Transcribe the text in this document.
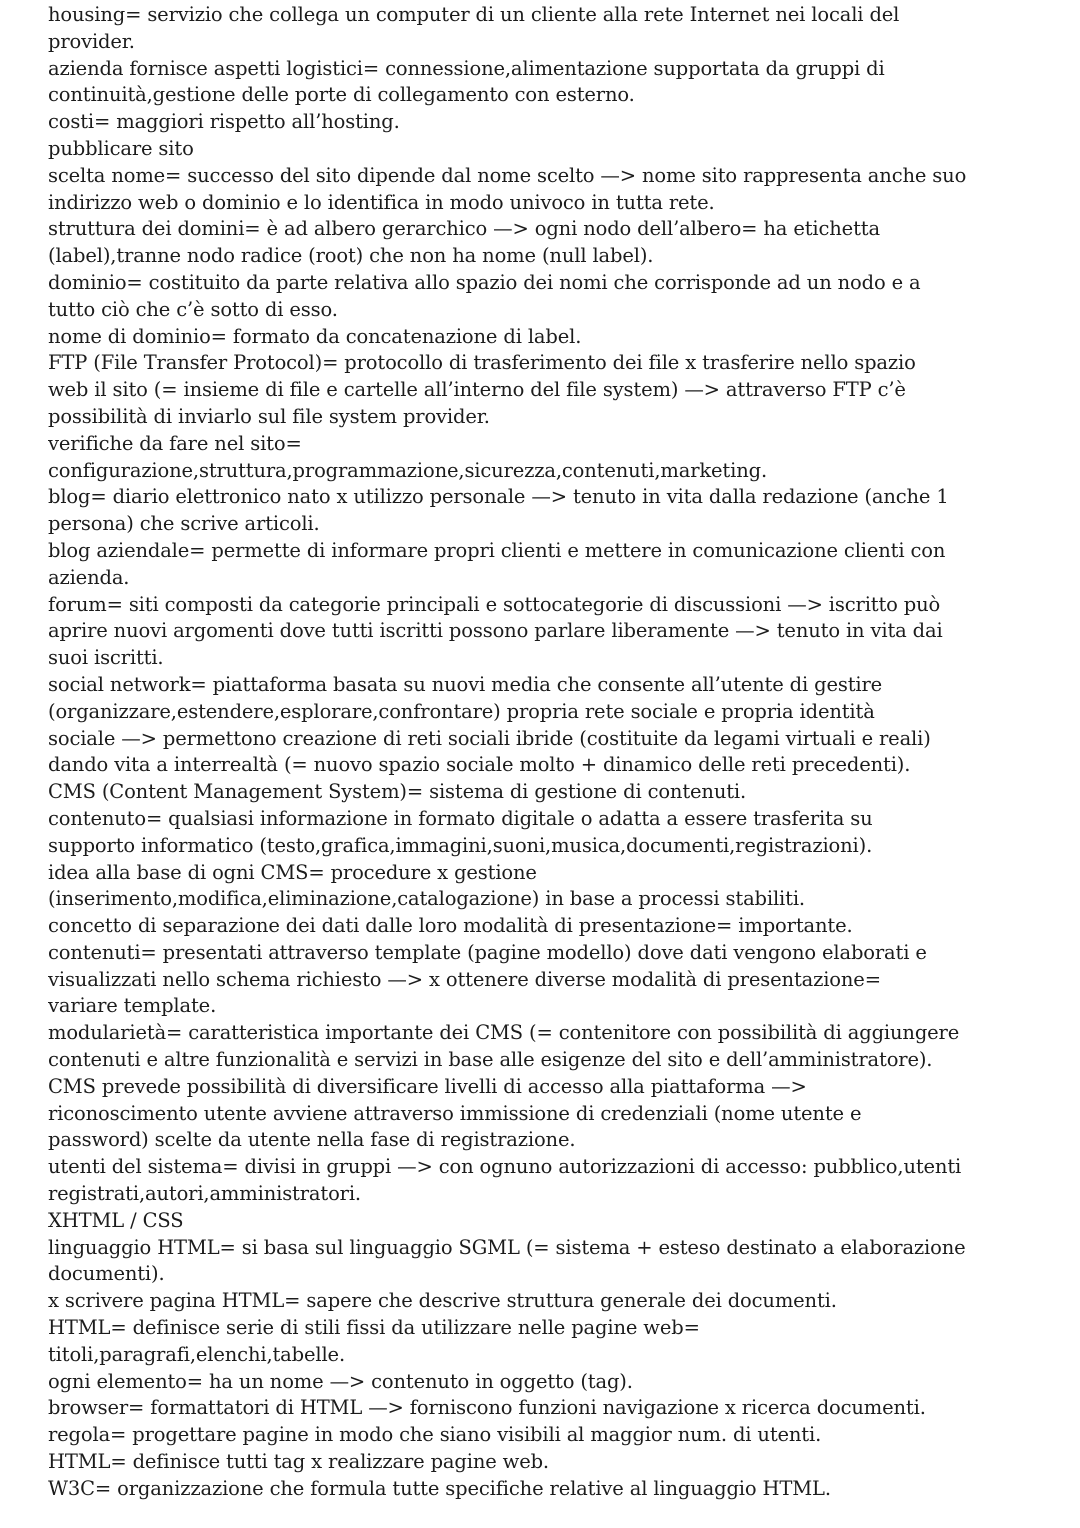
housing= servizio che collega un computer di un cliente alla rete Internet nei locali del
provider.
azienda fornisce aspetti logistici= connessione,alimentazione supportata da gruppi di
continuità,gestione delle porte di collegamento con esterno.
costi= maggiori rispetto all’hosting.
pubblicare sito
scelta nome= successo del sito dipende dal nome scelto —> nome sito rappresenta anche suo
indirizzo web o dominio e lo identifica in modo univoco in tutta rete.
struttura dei domini= è ad albero gerarchico —> ogni nodo dell’albero= ha etichetta
(label),tranne nodo radice (root) che non ha nome (null label).
dominio= costituito da parte relativa allo spazio dei nomi che corrisponde ad un nodo e a
tutto ciò che c’è sotto di esso.
nome di dominio= formato da concatenazione di label.
FTP (File Transfer Protocol)= protocollo di trasferimento dei file x trasferire nello spazio
web il sito (= insieme di file e cartelle all’interno del file system) —> attraverso FTP c’è
possibilità di inviarlo sul file system provider.
verifiche da fare nel sito=
configurazione,struttura,programmazione,sicurezza,contenuti,marketing.
blog= diario elettronico nato x utilizzo personale —> tenuto in vita dalla redazione (anche 1
persona) che scrive articoli.
blog aziendale= permette di informare propri clienti e mettere in comunicazione clienti con
azienda.
forum= siti composti da categorie principali e sottocategorie di discussioni —> iscritto può
aprire nuovi argomenti dove tutti iscritti possono parlare liberamente —> tenuto in vita dai
suoi iscritti.
social network= piattaforma basata su nuovi media che consente all’utente di gestire
(organizzare,estendere,esplorare,confrontare) propria rete sociale e propria identità
sociale —> permettono creazione di reti sociali ibride (costituite da legami virtuali e reali)
dando vita a interrealtà (= nuovo spazio sociale molto + dinamico delle reti precedenti).
CMS (Content Management System)= sistema di gestione di contenuti.
contenuto= qualsiasi informazione in formato digitale o adatta a essere trasferita su
supporto informatico (testo,grafica,immagini,suoni,musica,documenti,registrazioni).
idea alla base di ogni CMS= procedure x gestione
(inserimento,modifica,eliminazione,catalogazione) in base a processi stabiliti.
concetto di separazione dei dati dalle loro modalità di presentazione= importante.
contenuti= presentati attraverso template (pagine modello) dove dati vengono elaborati e
visualizzati nello schema richiesto —> x ottenere diverse modalità di presentazione=
variare template.
modularietà= caratteristica importante dei CMS (= contenitore con possibilità di aggiungere
contenuti e altre funzionalità e servizi in base alle esigenze del sito e dell’amministratore).
CMS prevede possibilità di diversificare livelli di accesso alla piattaforma —>
riconoscimento utente avviene attraverso immissione di credenziali (nome utente e
password) scelte da utente nella fase di registrazione.
utenti del sistema= divisi in gruppi —> con ognuno autorizzazioni di accesso: pubblico,utenti
registrati,autori,amministratori.
XHTML / CSS
linguaggio HTML= si basa sul linguaggio SGML (= sistema + esteso destinato a elaborazione
documenti).
x scrivere pagina HTML= sapere che descrive struttura generale dei documenti.
HTML= definisce serie di stili fissi da utilizzare nelle pagine web=
titoli,paragrafi,elenchi,tabelle.
ogni elemento= ha un nome —> contenuto in oggetto (tag).
browser= formattatori di HTML —> forniscono funzioni navigazione x ricerca documenti.
regola= progettare pagine in modo che siano visibili al maggior num. di utenti.
HTML= definisce tutti tag x realizzare pagine web.
W3C= organizzazione che formula tutte specifiche relative al linguaggio HTML.
